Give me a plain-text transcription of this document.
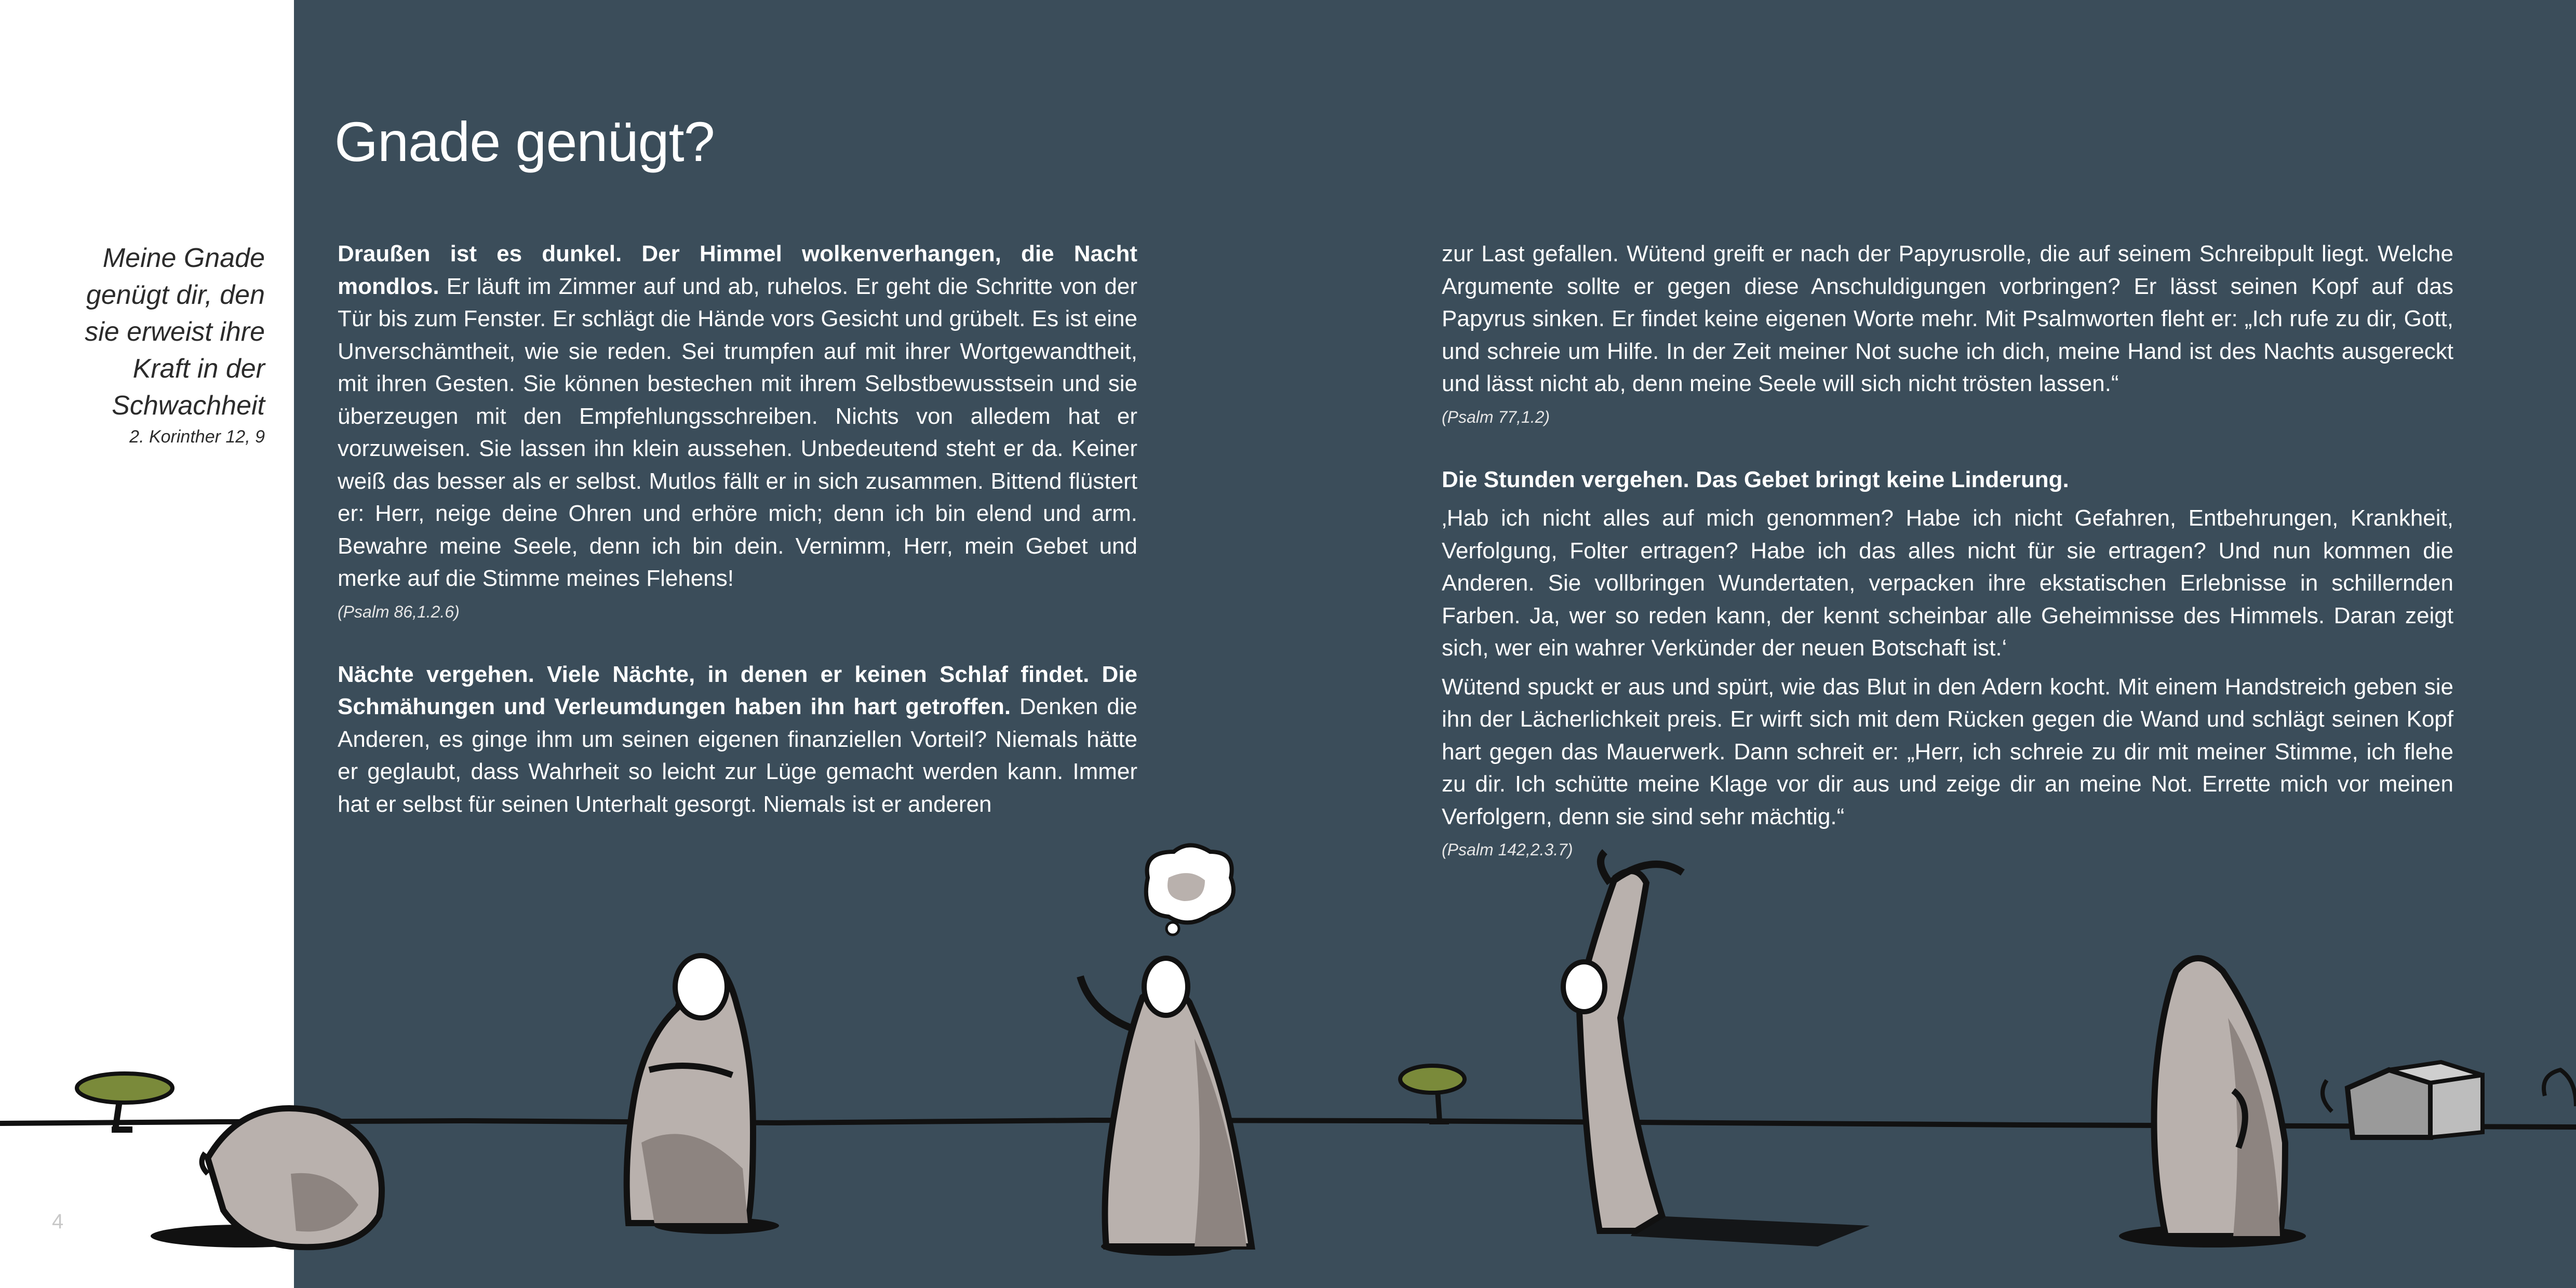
Meine Gnade genügt dir, den sie erweist ihre Kraft in der Schwachheit
2. Korinther 12, 9
4
Gnade genügt?

Draußen ist es dunkel. Der Himmel wolkenverhangen, die Nacht mondlos. Er läuft im Zimmer auf und ab, ruhelos. Er geht die Schritte von der Tür bis zum Fenster. Er schlägt die Hände vors Gesicht und grübelt. Es ist eine Unverschämtheit, wie sie reden. Sei trumpfen auf mit ihrer Wortgewandtheit, mit ihren Gesten. Sie können bestechen mit ihrem Selbstbewusstsein und sie überzeugen mit den Empfehlungsschreiben. Nichts von alledem hat er vorzuweisen. Sie lassen ihn klein aussehen. Unbedeutend steht er da. Keiner weiß das besser als er selbst. Mutlos fällt er in sich zusammen. Bittend flüstert er: Herr, neige deine Ohren und erhöre mich; denn ich bin elend und arm. Bewahre meine Seele, denn ich bin dein. Vernimm, Herr, mein Gebet und merke auf die Stimme meines Flehens!

(Psalm 86,1.2.6)

Nächte vergehen. Viele Nächte, in denen er keinen Schlaf findet. Die Schmähungen und Verleumdungen haben ihn hart getroffen. Denken die Anderen, es ginge ihm um seinen eigenen finanziellen Vorteil? Niemals hätte er geglaubt, dass Wahrheit so leicht zur Lüge gemacht werden kann. Immer hat er selbst für seinen Unterhalt gesorgt. Niemals ist er anderen

zur Last gefallen. Wütend greift er nach der Papyrusrolle, die auf seinem Schreibpult liegt. Welche Argumente sollte er gegen diese Anschuldigungen vorbringen? Er lässt seinen Kopf auf das Papyrus sinken. Er findet keine eigenen Worte mehr. Mit Psalmworten fleht er: „Ich rufe zu dir, Gott, und schreie um Hilfe. In der Zeit meiner Not suche ich dich, meine Hand ist des Nachts ausgereckt und lässt nicht ab, denn meine Seele will sich nicht trösten lassen.“

(Psalm 77,1.2)

Die Stunden vergehen. Das Gebet bringt keine Linderung.

‚Hab ich nicht alles auf mich genommen? Habe ich nicht Gefahren, Entbehrungen, Krankheit, Verfolgung, Folter ertragen? Habe ich das alles nicht für sie ertragen? Und nun kommen die Anderen. Sie vollbringen Wundertaten, verpacken ihre ekstatischen Erlebnisse in schillernden Farben. Ja, wer so reden kann, der kennt scheinbar alle Geheimnisse des Himmels. Daran zeigt sich, wer ein wahrer Verkünder der neuen Botschaft ist.‘

Wütend spuckt er aus und spürt, wie das Blut in den Adern kocht. Mit einem Handstreich geben sie ihn der Lächerlichkeit preis. Er wirft sich mit dem Rücken gegen die Wand und schlägt seinen Kopf hart gegen das Mauerwerk. Dann schreit er: „Herr, ich schreie zu dir mit meiner Stimme, ich flehe zu dir. Ich schütte meine Klage vor dir aus und zeige dir an meine Not. Errette mich vor meinen Verfolgern, denn sie sind sehr mächtig.“

(Psalm 142,2.3.7)
